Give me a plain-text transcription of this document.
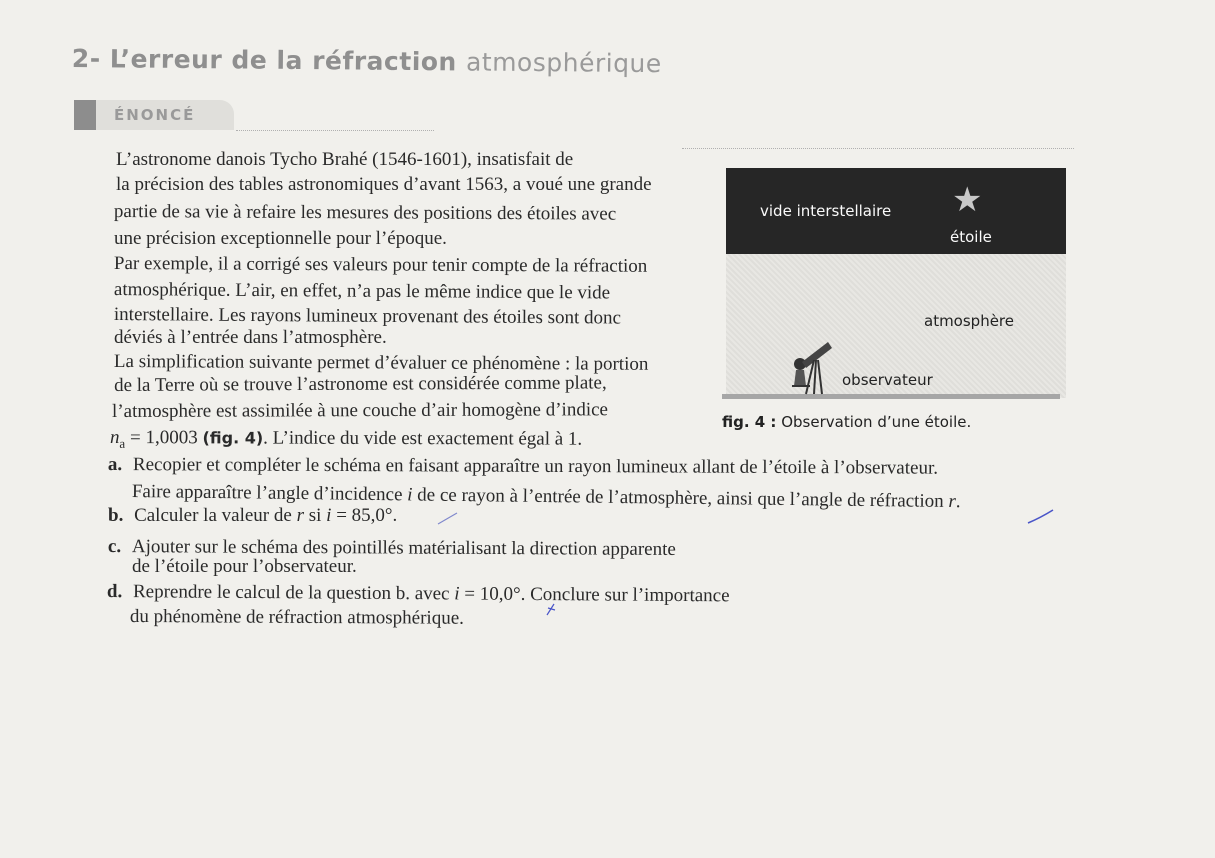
2- L’erreur de la réfraction atmosphérique
ÉNONCÉ
L’astronome danois Tycho Brahé (1546-1601), insatisfait de
la précision des tables astronomiques d’avant 1563, a voué une grande
partie de sa vie à refaire les mesures des positions des étoiles avec
une précision exceptionnelle pour l’époque.
Par exemple, il a corrigé ses valeurs pour tenir compte de la réfraction
atmosphérique. L’air, en effet, n’a pas le même indice que le vide
interstellaire. Les rayons lumineux provenant des étoiles sont donc
déviés à l’entrée dans l’atmosphère.
La simplification suivante permet d’évaluer ce phénomène : la portion
de la Terre où se trouve l’astronome est considérée comme plate,
l’atmosphère est assimilée à une couche d’air homogène d’indice
$n_a = 1,0003$ (fig. 4). L’indice du vide est exactement égal à 1.
a. Recopier et compléter le schéma en faisant apparaître un rayon lumineux allant de l’étoile à l’observateur.
Faire apparaître l’angle d’incidence i de ce rayon à l’entrée de l’atmosphère, ainsi que l’angle de réfraction r.
b. Calculer la valeur de r si i = 85,0°.
c. Ajouter sur le schéma des pointillés matérialisant la direction apparente
de l’étoile pour l’observateur.
d. Reprendre le calcul de la question b. avec i = 10,0°. Conclure sur l’importance
du phénomène de réfraction atmosphérique.
vide interstellaire ★
étoile
atmosphère
observateur
fig. 4 : Observation d’une étoile.
